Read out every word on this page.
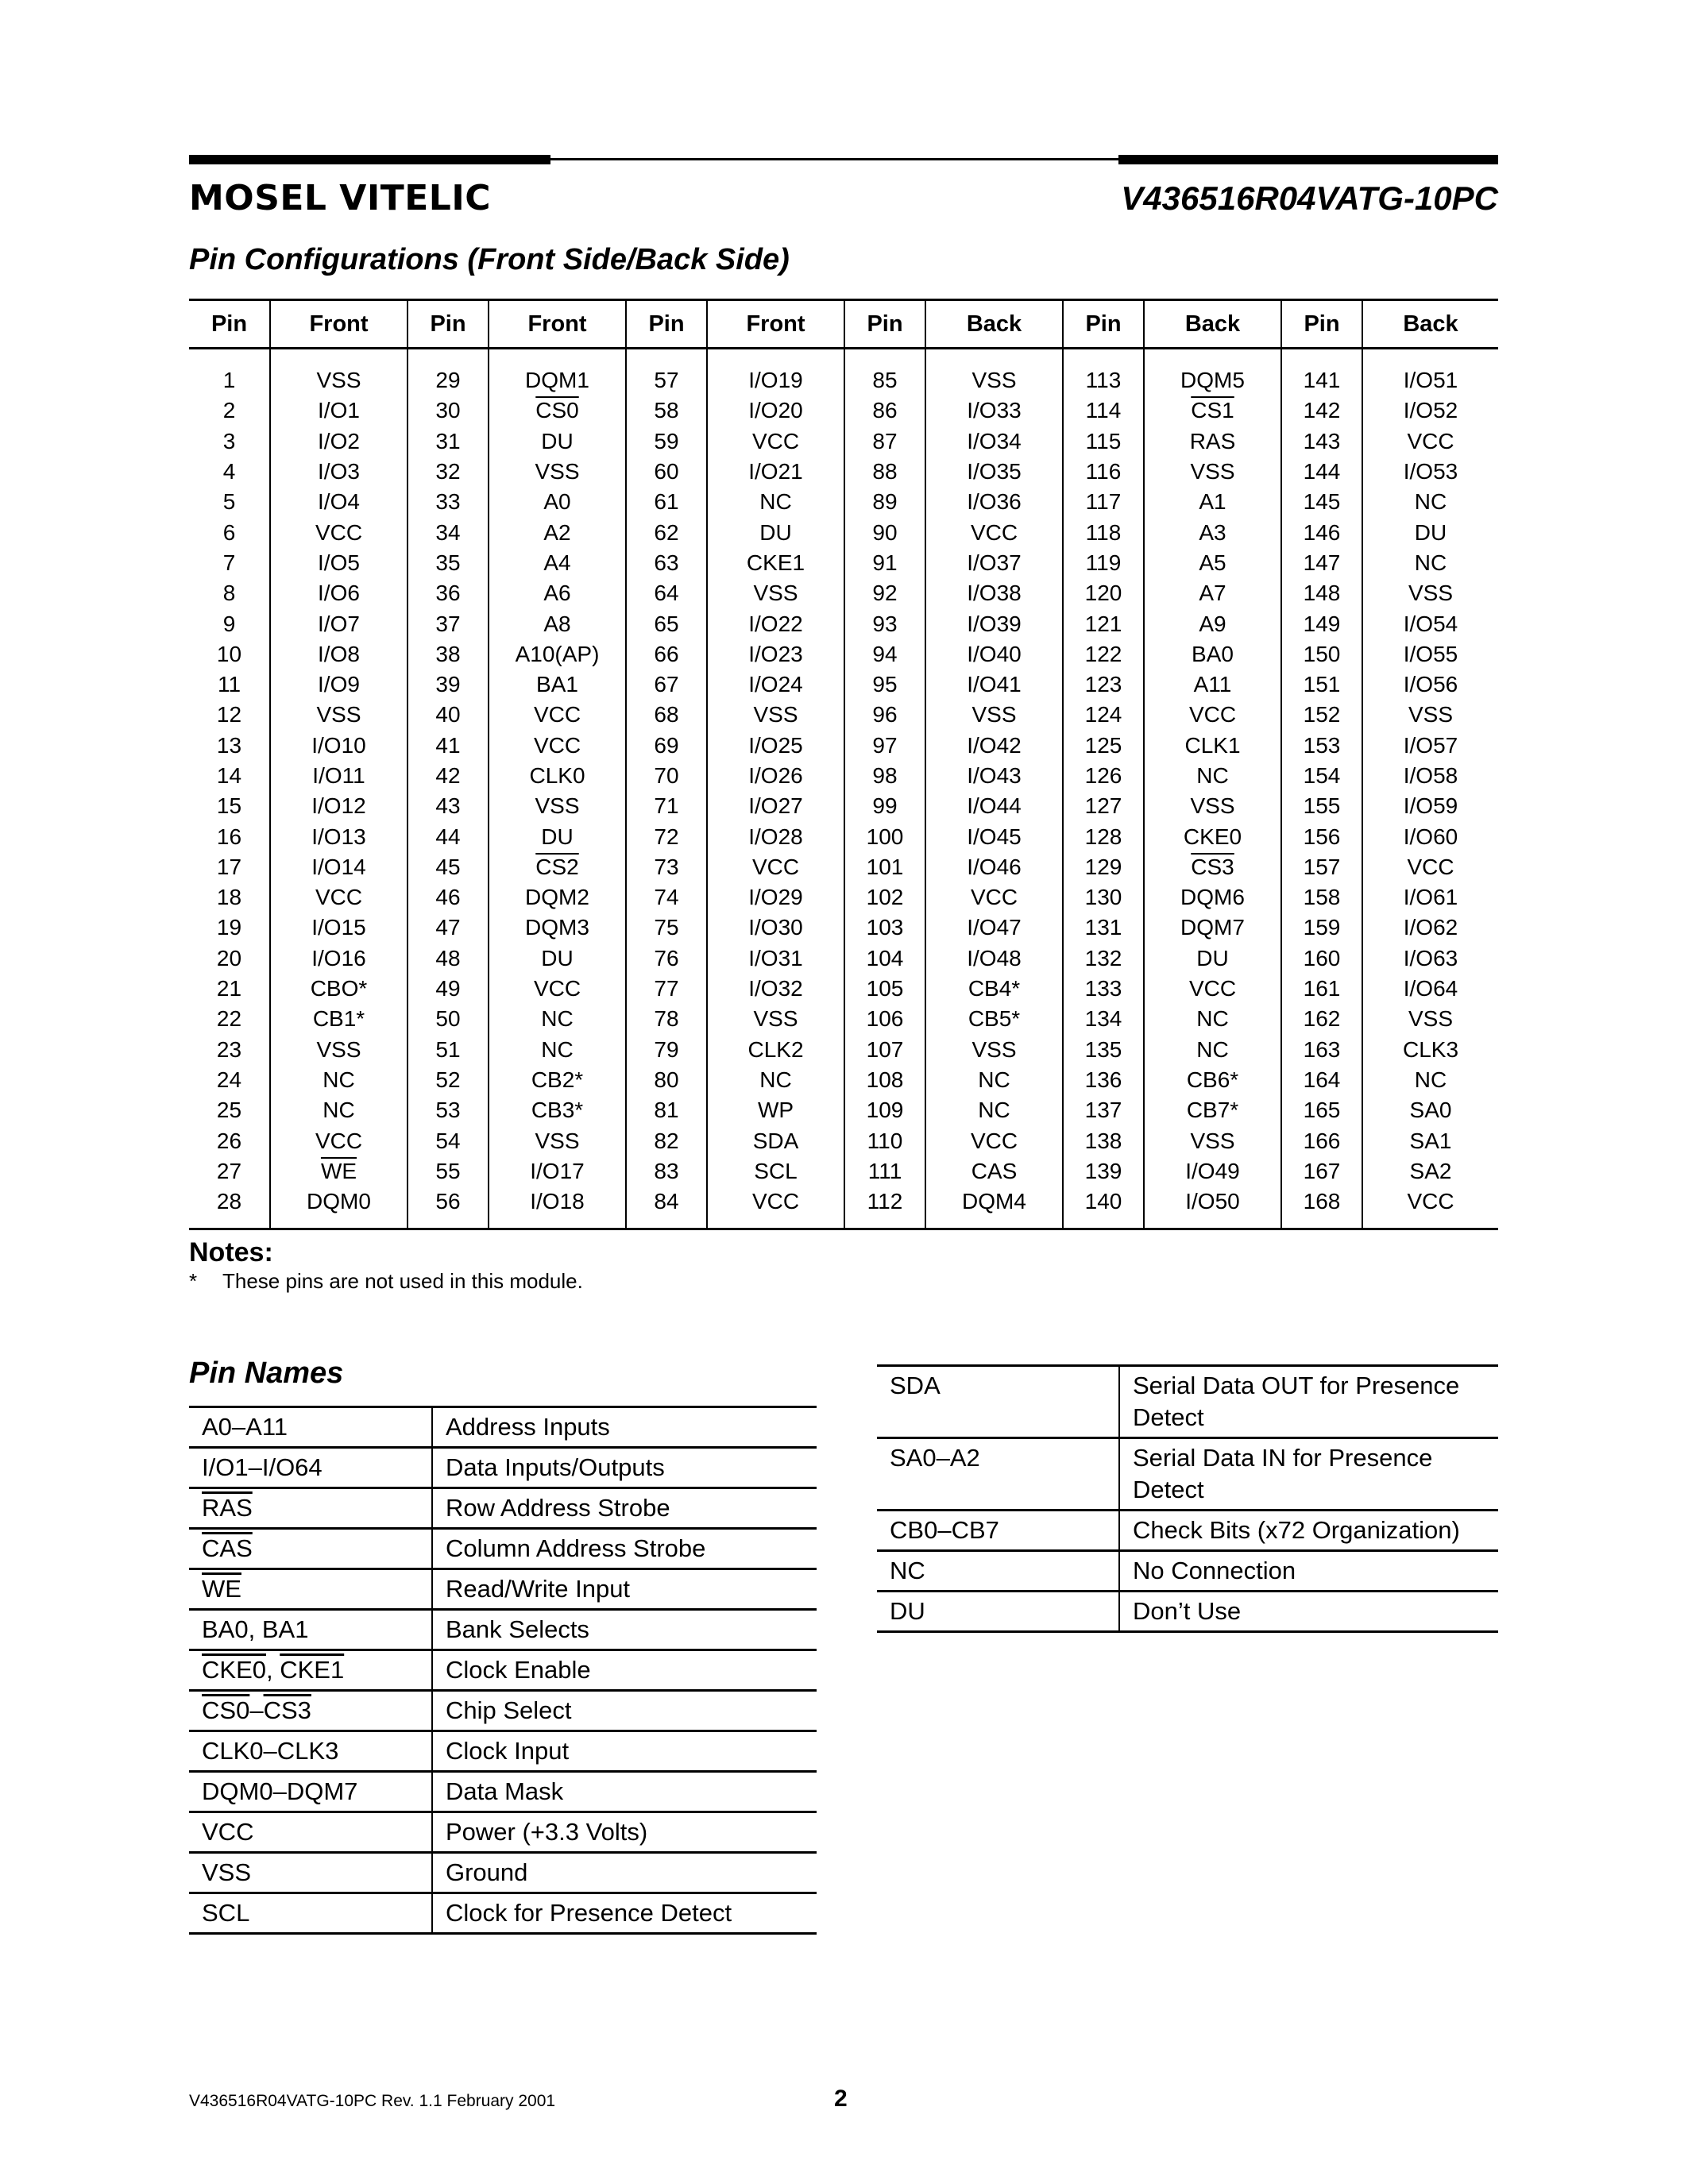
MOSEL VITELIC	V436516R04VATG-10PC
Pin Configurations (Front Side/Back Side)
Pin	Front	Pin	Front	Pin	Front	Pin	Back	Pin	Back	Pin	Back

1	VSS	29	DQM1	57	I/O19	85	VSS	113	DQM5	141	I/O51
2	I/O1	30	CS0	58	I/O20	86	I/O33	114	CS1	142	I/O52
3	I/O2	31	DU	59	VCC	87	I/O34	115	RAS	143	VCC
4	I/O3	32	VSS	60	I/O21	88	I/O35	116	VSS	144	I/O53
5	I/O4	33	A0	61	NC	89	I/O36	117	A1	145	NC
6	VCC	34	A2	62	DU	90	VCC	118	A3	146	DU
7	I/O5	35	A4	63	CKE1	91	I/O37	119	A5	147	NC
8	I/O6	36	A6	64	VSS	92	I/O38	120	A7	148	VSS
9	I/O7	37	A8	65	I/O22	93	I/O39	121	A9	149	I/O54
10	I/O8	38	A10(AP)	66	I/O23	94	I/O40	122	BA0	150	I/O55
11	I/O9	39	BA1	67	I/O24	95	I/O41	123	A11	151	I/O56
12	VSS	40	VCC	68	VSS	96	VSS	124	VCC	152	VSS
13	I/O10	41	VCC	69	I/O25	97	I/O42	125	CLK1	153	I/O57
14	I/O11	42	CLK0	70	I/O26	98	I/O43	126	NC	154	I/O58
15	I/O12	43	VSS	71	I/O27	99	I/O44	127	VSS	155	I/O59
16	I/O13	44	DU	72	I/O28	100	I/O45	128	CKE0	156	I/O60
17	I/O14	45	CS2	73	VCC	101	I/O46	129	CS3	157	VCC
18	VCC	46	DQM2	74	I/O29	102	VCC	130	DQM6	158	I/O61
19	I/O15	47	DQM3	75	I/O30	103	I/O47	131	DQM7	159	I/O62
20	I/O16	48	DU	76	I/O31	104	I/O48	132	DU	160	I/O63
21	CBO*	49	VCC	77	I/O32	105	CB4*	133	VCC	161	I/O64
22	CB1*	50	NC	78	VSS	106	CB5*	134	NC	162	VSS
23	VSS	51	NC	79	CLK2	107	VSS	135	NC	163	CLK3
24	NC	52	CB2*	80	NC	108	NC	136	CB6*	164	NC
25	NC	53	CB3*	81	WP	109	NC	137	CB7*	165	SA0
26	VCC	54	VSS	82	SDA	110	VCC	138	VSS	166	SA1
27	$\overline{WE}$	55	I/O17	83	SCL	111	CAS	139	I/O49	167	SA2
28	DQM0	56	I/O18	84	VCC	112	DQM4	140	I/O50	168	VCC

Notes:
* These pins are not used in this module.
Pin Names
A0–A11	Address Inputs
I/O1–I/O64	Data Inputs/Outputs
$\overline{RAS}$	Row Address Strobe
$\overline{CAS}$	Column Address Strobe
$\overline{WE}$	Read/Write Input
BA0, BA1	Bank Selects
CKE0, CKE1	Clock Enable
CS0–CS3	Chip Select
CLK0–CLK3	Clock Input
DQM0–DQM7	Data Mask
VCC	Power (+3.3 Volts)
VSS	Ground
SCL	Clock for Presence Detect
SDA	Serial Data OUT for Presence Detect
SA0–A2	Serial Data IN for Presence Detect
CB0–CB7	Check Bits (x72 Organization)
NC	No Connection
DU	Don’t Use
V436516R04VATG-10PC Rev. 1.1 February 2001	2
